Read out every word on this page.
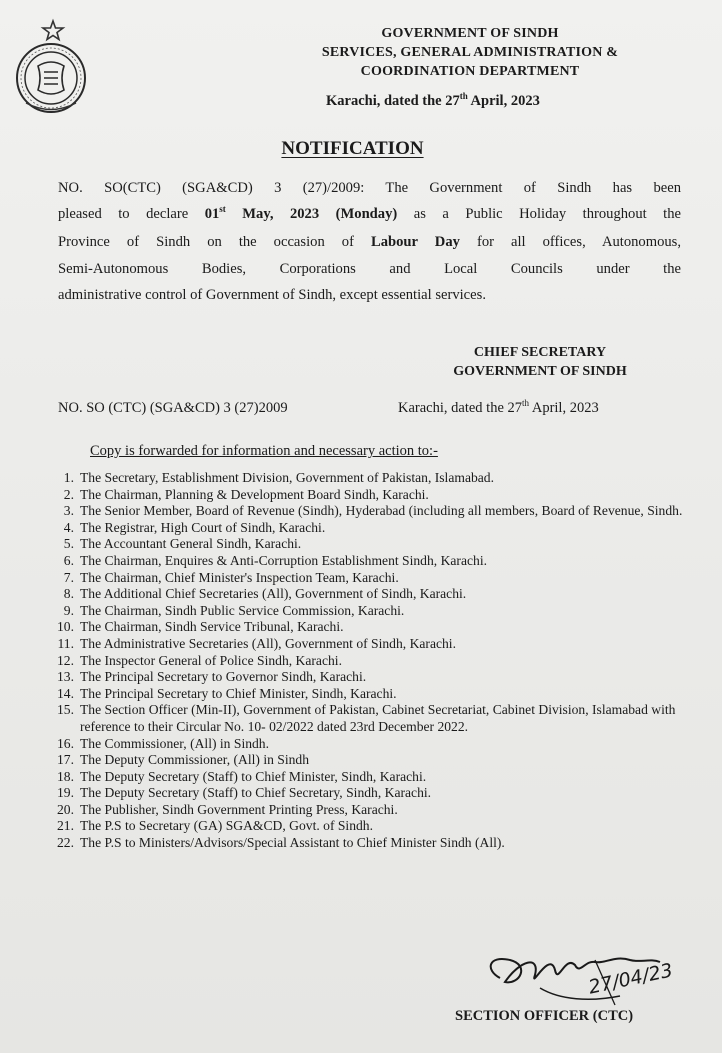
GOVERNMENT OF SINDH
SERVICES, GENERAL ADMINISTRATION &
COORDINATION DEPARTMENT
Karachi, dated the 27th April, 2023
NOTIFICATION
NO. SO(CTC) (SGA&CD) 3 (27)/2009: The Government of Sindh has been
pleased to declare 01st May, 2023 (Monday) as a Public Holiday throughout the
Province of Sindh on the occasion of Labour Day for all offices, Autonomous,
Semi-Autonomous Bodies, Corporations and Local Councils under the
administrative control of Government of Sindh, except essential services.
CHIEF SECRETARY
GOVERNMENT OF SINDH
NO. SO (CTC) (SGA&CD) 3 (27)2009	Karachi, dated the 27th April, 2023
Copy is forwarded for information and necessary action to:-
1. The Secretary, Establishment Division, Government of Pakistan, Islamabad.
2. The Chairman, Planning & Development Board Sindh, Karachi.
3. The Senior Member, Board of Revenue (Sindh), Hyderabad (including all members, Board of Revenue, Sindh.
4. The Registrar, High Court of Sindh, Karachi.
5. The Accountant General Sindh, Karachi.
6. The Chairman, Enquires & Anti-Corruption Establishment Sindh, Karachi.
7. The Chairman, Chief Minister's Inspection Team, Karachi.
8. The Additional Chief Secretaries (All), Government of Sindh, Karachi.
9. The Chairman, Sindh Public Service Commission, Karachi.
10. The Chairman, Sindh Service Tribunal, Karachi.
11. The Administrative Secretaries (All), Government of Sindh, Karachi.
12. The Inspector General of Police Sindh, Karachi.
13. The Principal Secretary to Governor Sindh, Karachi.
14. The Principal Secretary to Chief Minister, Sindh, Karachi.
15. The Section Officer (Min-II), Government of Pakistan, Cabinet Secretariat, Cabinet Division, Islamabad with reference to their Circular No. 10- 02/2022 dated 23rd December 2022.
16. The Commissioner, (All) in Sindh.
17. The Deputy Commissioner, (All) in Sindh
18. The Deputy Secretary (Staff) to Chief Minister, Sindh, Karachi.
19. The Deputy Secretary (Staff) to Chief Secretary, Sindh, Karachi.
20. The Publisher, Sindh Government Printing Press, Karachi.
21. The P.S to Secretary (GA) SGA&CD, Govt. of Sindh.
22. The P.S to Ministers/Advisors/Special Assistant to Chief Minister Sindh (All).
27/04/23
SECTION OFFICER (CTC)
